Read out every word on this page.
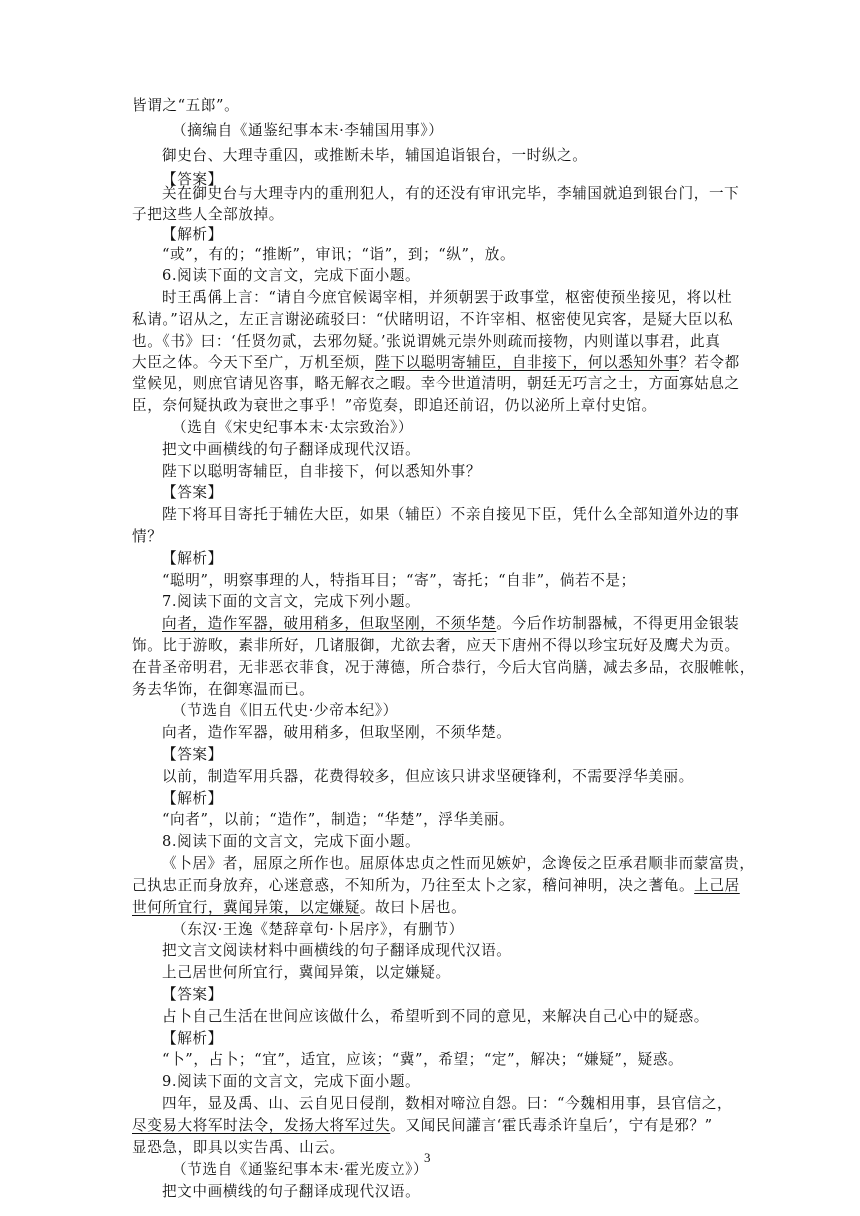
皆谓之“五郎”。
（摘编自《通鉴纪事本末·李辅国用事》）
御史台、大理寺重囚，或推断未毕，辅国追诣银台，一时纵之。
【答案】
关在御史台与大理寺内的重刑犯人，有的还没有审讯完毕，李辅国就追到银台门，一下
子把这些人全部放掉。
【解析】
“或”，有的；“推断”，审讯；“诣”，到；“纵”，放。
6.阅读下面的文言文，完成下面小题。
时王禹偁上言：“请自今庶官候谒宰相，并须朝罢于政事堂，枢密使预坐接见，将以杜
私请。”诏从之，左正言谢泌疏驳曰：“伏睹明诏，不许宰相、枢密使见宾客，是疑大臣以私
也。《书》曰：‘任贤勿贰，去邪勿疑。’张说谓姚元崇外则疏而接物，内则谨以事君，此真
大臣之体。今天下至广，万机至烦，陛下以聪明寄辅臣，自非接下，何以悉知外事？若令都
堂候见，则庶官请见咨事，略无解衣之暇。幸今世道清明，朝廷无巧言之士，方面寡姑息之
臣，奈何疑执政为衰世之事乎！”帝览奏，即追还前诏，仍以泌所上章付史馆。
（选自《宋史纪事本末·太宗致治》）
把文中画横线的句子翻译成现代汉语。
陛下以聪明寄辅臣，自非接下，何以悉知外事？
【答案】
陛下将耳目寄托于辅佐大臣，如果（辅臣）不亲自接见下臣，凭什么全部知道外边的事
情？
【解析】
“聪明”，明察事理的人，特指耳目；“寄”，寄托；“自非”，倘若不是；
7.阅读下面的文言文，完成下列小题。
向者，造作军器，破用稍多，但取坚刚，不须华楚。今后作坊制器械，不得更用金银装
饰。比于游畋，素非所好，几诸服御，尤欲去奢，应天下唐州不得以珍宝玩好及鹰犬为贡。
在昔圣帝明君，无非恶衣菲食，况于薄德，所合恭行，今后大官尚膳，减去多品，衣服帷帐，
务去华饰，在御寒温而已。
（节选自《旧五代史·少帝本纪》）
向者，造作军器，破用稍多，但取坚刚，不须华楚。
【答案】
以前，制造军用兵器，花费得较多，但应该只讲求坚硬锋利，不需要浮华美丽。
【解析】
“向者”，以前；“造作”，制造；“华楚”，浮华美丽。
8.阅读下面的文言文，完成下面小题。
《卜居》者，屈原之所作也。屈原体忠贞之性而见嫉妒，念谗佞之臣承君顺非而蒙富贵，
己执忠正而身放弃，心迷意惑，不知所为，乃往至太卜之家，稽问神明，决之蓍龟。上己居
世何所宜行，冀闻异策，以定嫌疑。故曰卜居也。
（东汉·王逸《楚辞章句·卜居序》，有删节）
把文言文阅读材料中画横线的句子翻译成现代汉语。
上己居世何所宜行，冀闻异策，以定嫌疑。
【答案】
占卜自己生活在世间应该做什么，希望听到不同的意见，来解决自己心中的疑惑。
【解析】
“卜”，占卜；“宜”，适宜，应该；“冀”，希望；“定”，解决；“嫌疑”，疑惑。
9.阅读下面的文言文，完成下面小题。
四年，显及禹、山、云自见日侵削，数相对啼泣自怨。曰：“今魏相用事，县官信之，
尽变易大将军时法令，发扬大将军过失。又闻民间讙言‘霍氏毒杀许皇后’，宁有是邪？”
显恐急，即具以实告禹、山云。
（节选自《通鉴纪事本末·霍光废立》）
把文中画横线的句子翻译成现代汉语。
3
